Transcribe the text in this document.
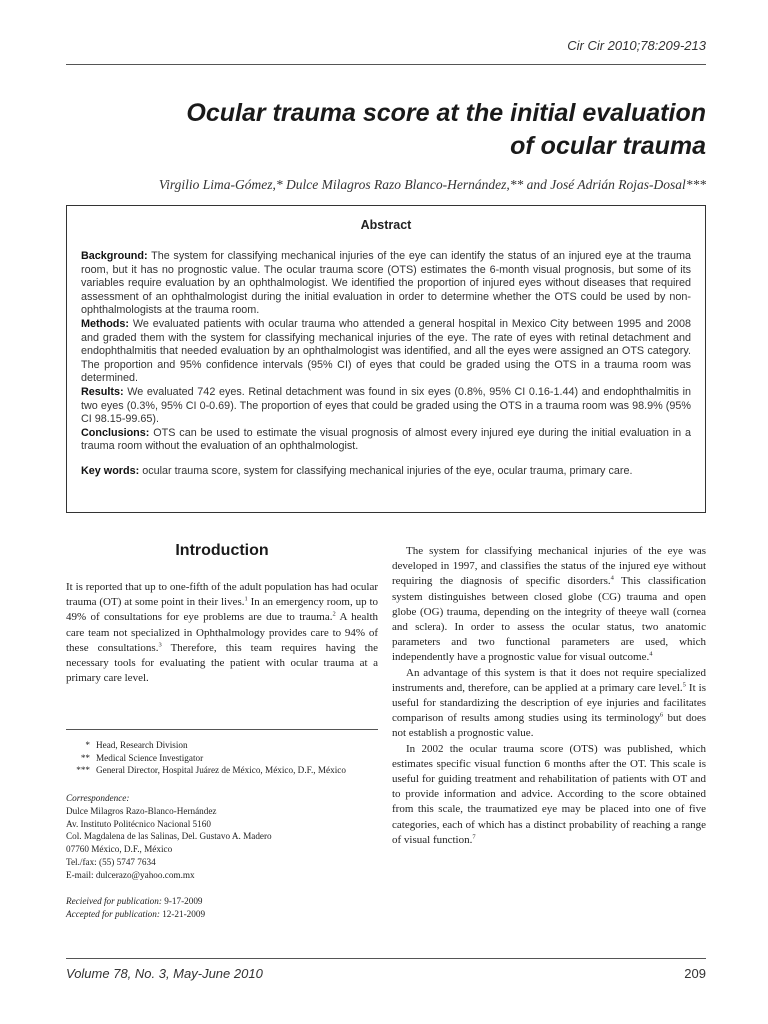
Cir Cir 2010;78:209-213
Ocular trauma score at the initial evaluation
of ocular trauma
Virgilio Lima-Gómez,* Dulce Milagros Razo Blanco-Hernández,** and José Adrián Rojas-Dosal***
Abstract

Background: The system for classifying mechanical injuries of the eye can identify the status of an injured eye at the trauma room, but it has no prognostic value. The ocular trauma score (OTS) estimates the 6-month visual prognosis, but some of its variables require evaluation by an ophthalmologist. We identified the proportion of injured eyes without diseases that required assessment of an ophthalmologist during the initial evaluation in order to determine whether the OTS could be used by non-ophthalmologists at the trauma room.

Methods: We evaluated patients with ocular trauma who attended a general hospital in Mexico City between 1995 and 2008 and graded them with the system for classifying mechanical injuries of the eye. The rate of eyes with retinal detachment and endophthalmitis that needed evaluation by an ophthalmologist was identified, and all the eyes were assigned an OTS category. The proportion and 95% confidence intervals (95% CI) of eyes that could be graded using the OTS in a trauma room was determined.

Results: We evaluated 742 eyes. Retinal detachment was found in six eyes (0.8%, 95% CI 0.16-1.44) and endophthalmitis in two eyes (0.3%, 95% CI 0-0.69). The proportion of eyes that could be graded using the OTS in a trauma room was 98.9% (95% CI 98.15-99.65).

Conclusions: OTS can be used to estimate the visual prognosis of almost every injured eye during the initial evaluation in a trauma room without the evaluation of an ophthalmologist.

Key words: ocular trauma score, system for classifying mechanical injuries of the eye, ocular trauma, primary care.

Introduction

It is reported that up to one-fifth of the adult population has had ocular trauma (OT) at some point in their lives.$^1$ In an emergency room, up to 49% of consultations for eye problems are due to trauma.$^2$ A health care team not specialized in Ophthalmology provides care to 94% of these consultations.$^3$ Therefore, this team requires having the necessary tools for evaluating the patient with ocular trauma at a primary care level.

* Head, Research Division
** Medical Science Investigator
*** General Director, Hospital Juárez de México, México, D.F., México
Correspondence:
Dulce Milagros Razo-Blanco-Hernández
Av. Instituto Politécnico Nacional 5160
Col. Magdalena de las Salinas, Del. Gustavo A. Madero
07760 México, D.F., México
Tel./fax: (55) 5747 7634
E-mail: dulcerazo@yahoo.com.mx
Recieived for publication: 9-17-2009
Accepted for publication: 12-21-2009

The system for classifying mechanical injuries of the eye was developed in 1997, and classifies the status of the injured eye without requiring the diagnosis of specific disorders.$^4$ This classification system distinguishes between closed globe (CG) trauma and open globe (OG) trauma, depending on the integrity of theeye wall (cornea and sclera). In order to assess the ocular status, two anatomic parameters and two functional parameters are used, which independently have a prognostic value for visual outcome.$^4$

An advantage of this system is that it does not require specialized instruments and, therefore, can be applied at a primary care level.$^5$ It is useful for standardizing the description of eye injuries and facilitates comparison of results among studies using its terminology$^6$ but does not establish a prognostic value.

In 2002 the ocular trauma score (OTS) was published, which estimates specific visual function 6 months after the OT. This scale is useful for guiding treatment and rehabilitation of patients with OT and to provide information and advice. According to the score obtained from this scale, the traumatized eye may be placed into one of five categories, each of which has a distinct probability of reaching a range of visual function.$^7$

Volume 78, No. 3, May-June 2010	209
